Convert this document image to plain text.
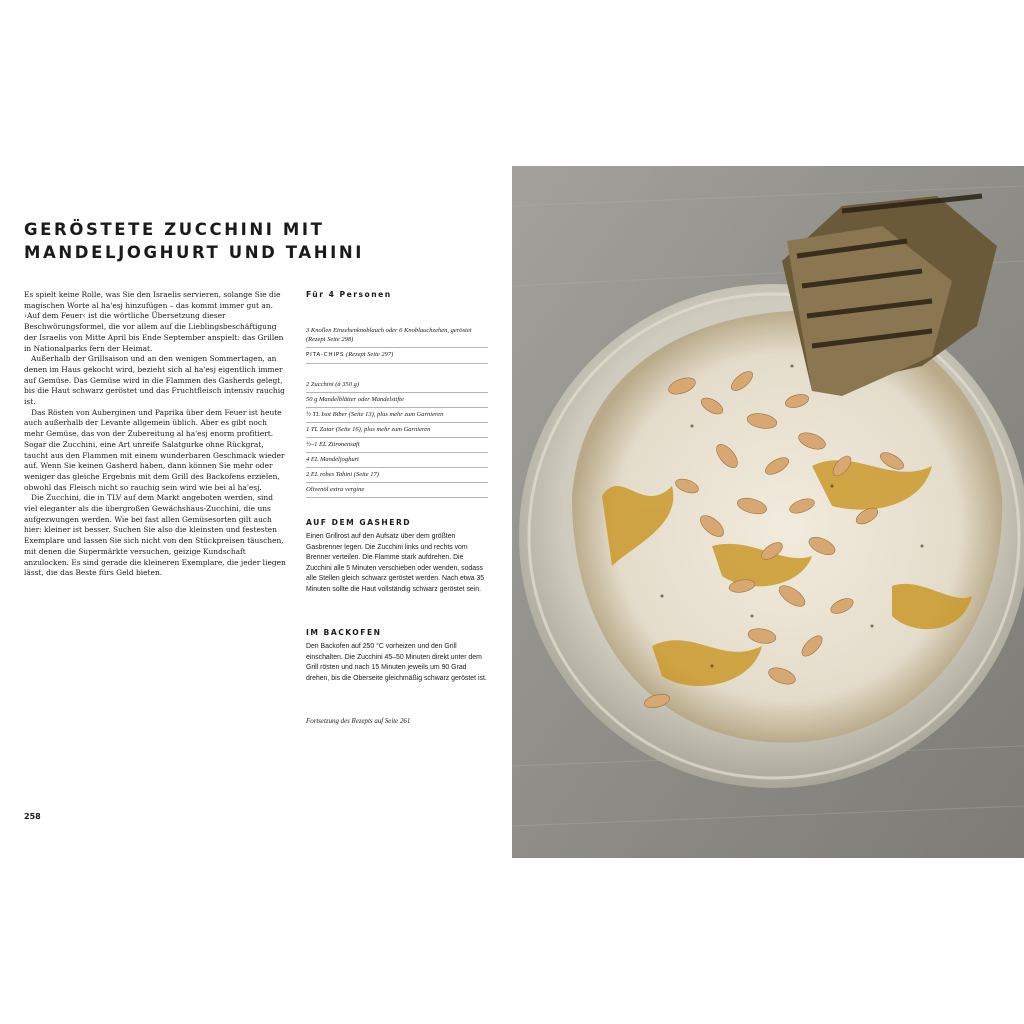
GERÖSTETE ZUCCHINI MIT
MANDELJOGHURT UND TAHINI

Es spielt keine Rolle, was Sie den Israelis servieren, solange Sie die magischen Worte al ha'esj hinzufügen – das kommt immer gut an. ›Auf dem Feuer‹ ist die wörtliche Übersetzung dieser Beschwörungsformel, die vor allem auf die Lieblingsbeschäftigung der Israelis von Mitte April bis Ende September anspielt: das Grillen in Nationalparks fern der Heimat.

Außerhalb der Grillsaison und an den wenigen Sommertagen, an denen im Haus gekocht wird, bezieht sich al ha'esj eigentlich immer auf Gemüse. Das Gemüse wird in die Flammen des Gasherds gelegt, bis die Haut schwarz geröstet und das Fruchtfleisch intensiv rauchig ist.

Das Rösten von Auberginen und Paprika über dem Feuer ist heute auch außerhalb der Levante allgemein üblich. Aber es gibt noch mehr Gemüse, das von der Zubereitung al ha'esj enorm profitiert. Sogar die Zucchini, eine Art unreife Salatgurke ohne Rückgrat, taucht aus den Flammen mit einem wunderbaren Geschmack wieder auf. Wenn Sie keinen Gasherd haben, dann können Sie mehr oder weniger das gleiche Ergebnis mit dem Grill des Backofens erzielen, obwohl das Fleisch nicht so rauchig sein wird wie bei al ha'esj.

Die Zucchini, die in TLV auf dem Markt angeboten werden, sind viel eleganter als die übergroßen Gewächshaus-Zucchini, die uns aufgezwungen werden. Wie bei fast allen Gemüsesorten gilt auch hier: kleiner ist besser. Suchen Sie also die kleinsten und festesten Exemplare und lassen Sie sich nicht von den Stückpreisen täuschen, mit denen die Supermärkte versuchen, geizige Kundschaft anzulocken. Es sind gerade die kleineren Exemplare, die jeder liegen lässt, die das Beste fürs Geld bieten.

Für 4 Personen
3 Knollen Einzehenknoblauch oder 6 Knoblauchzehen, geröstet (Rezept Seite 298)
PITA-CHIPS (Rezept Seite 297)
2 Zucchini (à 350 g)
50 g Mandelblätter oder Mandelstifte
½ TL Isot Biber (Seite 13), plus mehr zum Garnieren
1 TL Zatar (Seite 16), plus mehr zum Garnieren
½–1 EL Zitronensaft
4 EL Mandeljoghurt
2 EL rohes Tahini (Seite 17)
Olivenöl extra vergine
AUF DEM GASHERD

Einen Grillrost auf den Aufsatz über dem größten Gasbrenner legen. Die Zucchini links und rechts vom Brenner verteilen. Die Flamme stark aufdrehen. Die Zucchini alle 5 Minuten verschieben oder wenden, sodass alle Stellen gleich schwarz geröstet werden. Nach etwa 35 Minuten sollte die Haut vollständig schwarz geröstet sein.

IM BACKOFEN

Den Backofen auf 250 °C vorheizen und den Grill einschalten. Die Zucchini 45–50 Minuten direkt unter dem Grill rösten und nach 15 Minuten jeweils um 90 Grad drehen, bis die Oberseite gleichmäßig schwarz geröstet ist.

Fortsetzung des Rezepts auf Seite 261
258
